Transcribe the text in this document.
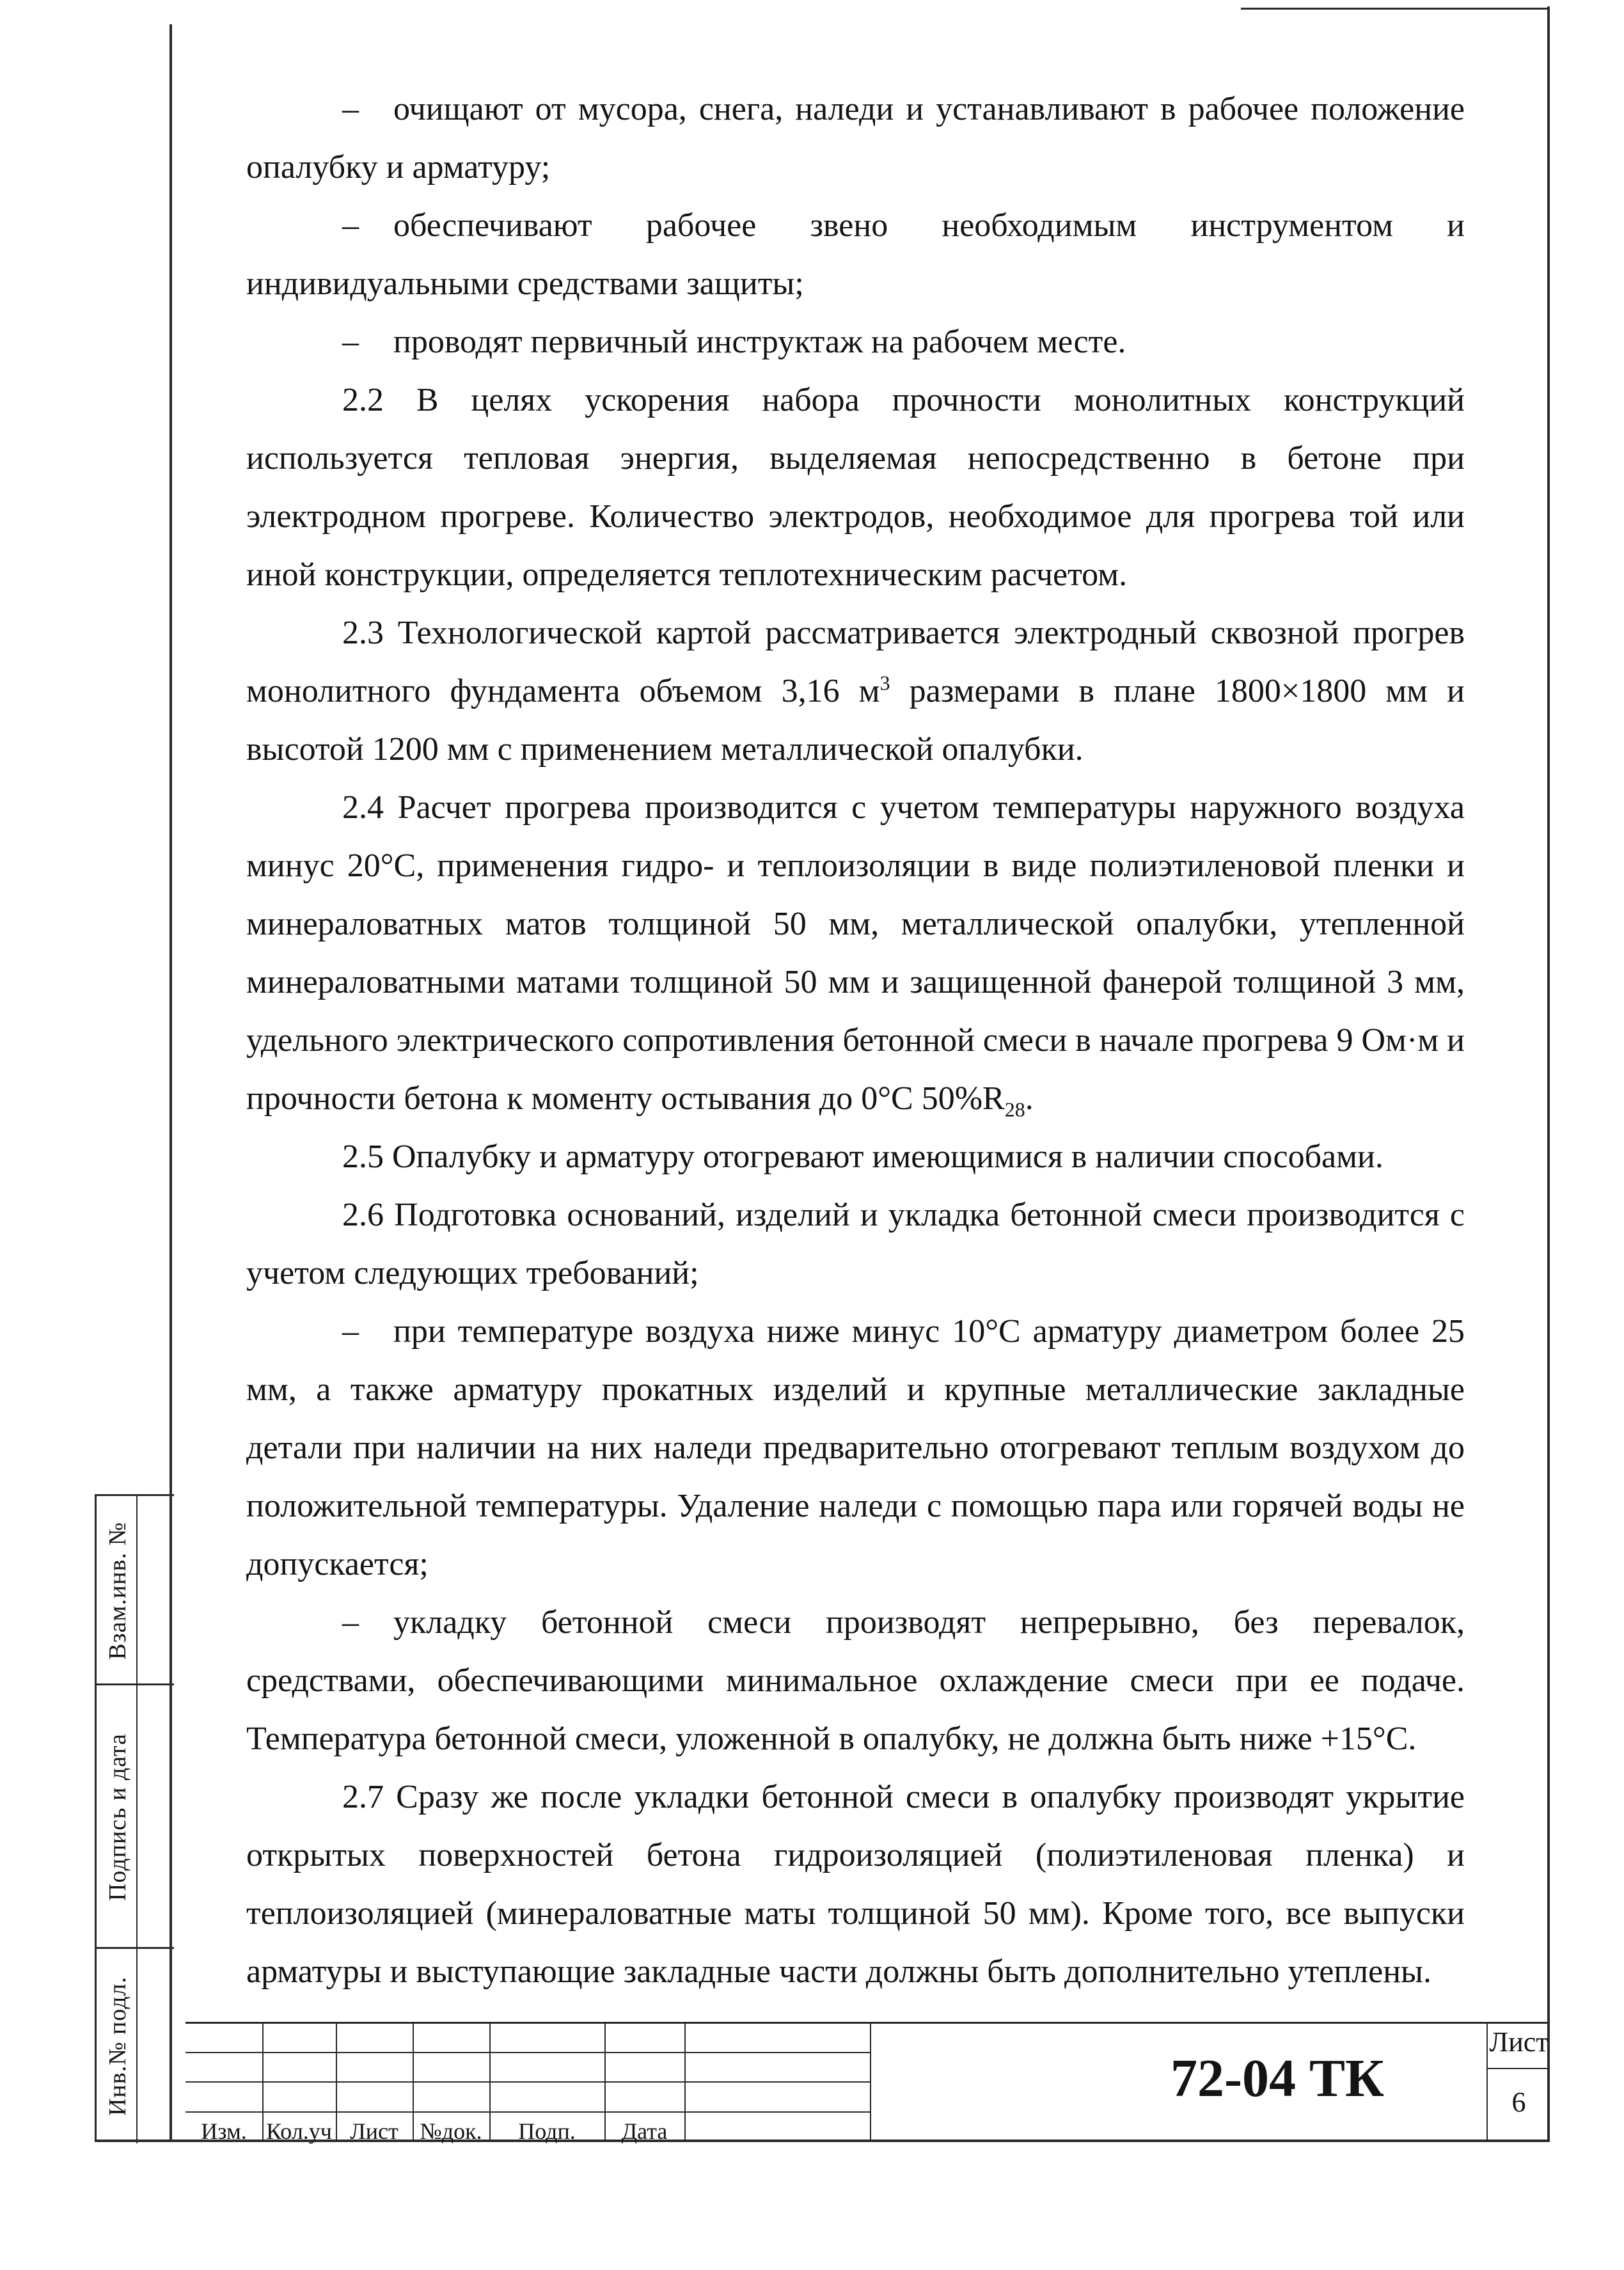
– очищают от мусора, снега, наледи и устанавливают в рабочее положение опалубку и арматуру;

– обеспечивают рабочее звено необходимым инструментом и индивидуальными средствами защиты;

– проводят первичный инструктаж на рабочем месте.

2.2 В целях ускорения набора прочности монолитных конструкций используется тепловая энергия, выделяемая непосредственно в бетоне при электродном прогреве. Количество электродов, необходимое для прогрева той или иной конструкции, определяется теплотехническим расчетом.

2.3 Технологической картой рассматривается электродный сквозной прогрев монолитного фундамента объемом 3,16 $м^3$ размерами в плане 1800×1800 мм и высотой 1200 мм с применением металлической опалубки.

2.4 Расчет прогрева производится с учетом температуры наружного воздуха минус 20°С, применения гидро- и теплоизоляции в виде полиэтиленовой пленки и минераловатных матов толщиной 50 мм, металлической опалубки, утепленной минераловатными матами толщиной 50 мм и защищенной фанерой толщиной 3 мм, удельного электрического сопротивления бетонной смеси в начале прогрева 9 Ом·м и прочности бетона к моменту остывания до 0°С $50\%R_{28}$.

2.5 Опалубку и арматуру отогревают имеющимися в наличии способами.

2.6 Подготовка оснований, изделий и укладка бетонной смеси производится с учетом следующих требований;

– при температуре воздуха ниже минус 10°С арматуру диаметром более 25 мм, а также арматуру прокатных изделий и крупные металлические закладные детали при наличии на них наледи предварительно отогревают теплым воздухом до положительной температуры. Удаление наледи с помощью пара или горячей воды не допускается;

– укладку бетонной смеси производят непрерывно, без перевалок, средствами, обеспечивающими минимальное охлаждение смеси при ее подаче. Температура бетонной смеси, уложенной в опалубку, не должна быть ниже +15°С.

2.7 Сразу же после укладки бетонной смеси в опалубку производят укрытие открытых поверхностей бетона гидроизоляцией (полиэтиленовая пленка) и теплоизоляцией (минераловатные маты толщиной 50 мм). Кроме того, все выпуски арматуры и выступающие закладные части должны быть дополнительно утеплены.

Взам.инв. №
Подпись и дата
Инв.№ подл.
Изм. Кол.уч Лист №док.	Подп.	Дата
72-04 ТК
Лист
6
